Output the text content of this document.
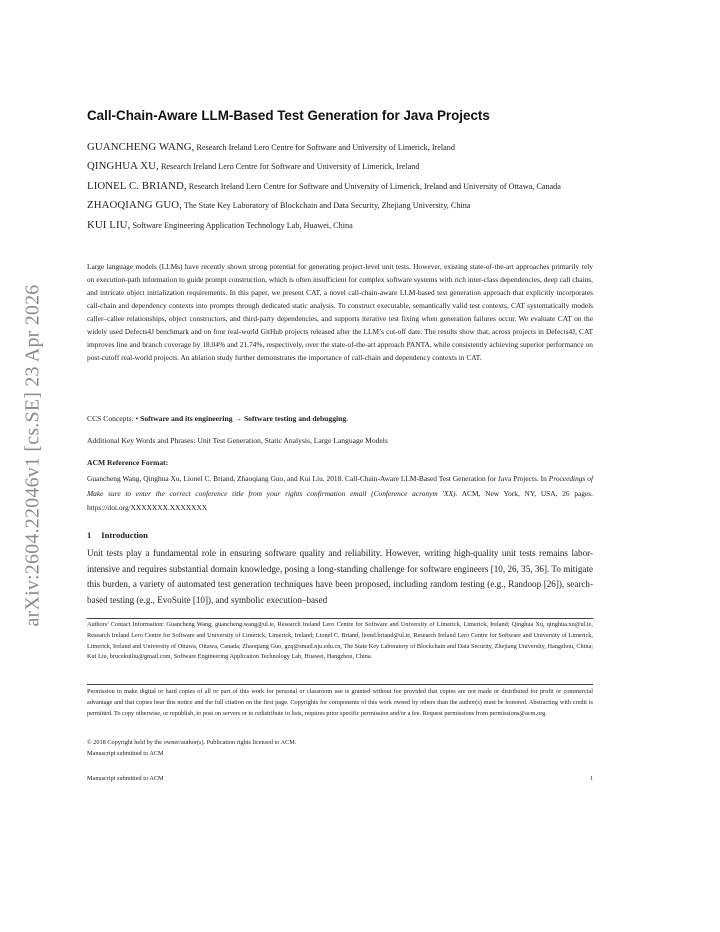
arXiv:2604.22046v1 [cs.SE] 23 Apr 2026
Call-Chain-Aware LLM-Based Test Generation for Java Projects
GUANCHENG WANG, Research Ireland Lero Centre for Software and University of Limerick, Ireland
QINGHUA XU, Research Ireland Lero Centre for Software and University of Limerick, Ireland
LIONEL C. BRIAND, Research Ireland Lero Centre for Software and University of Limerick, Ireland and University of Ottawa, Canada
ZHAOQIANG GUO, The State Key Laboratory of Blockchain and Data Security, Zhejiang University, China
KUI LIU, Software Engineering Application Technology Lab, Huawei, China

Large language models (LLMs) have recently shown strong potential for generating project-level unit tests. However, existing state-of-the-art approaches primarily rely on execution-path information to guide prompt construction, which is often insufficient for complex software systems with rich inter-class dependencies, deep call chains, and intricate object initialization requirements. In this paper, we present CAT, a novel call-chain-aware LLM-based test generation approach that explicitly incorporates call-chain and dependency contexts into prompts through dedicated static analysis. To construct executable, semantically valid test contexts, CAT systematically models caller–callee relationships, object constructors, and third-party dependencies, and supports iterative test fixing when generation failures occur. We evaluate CAT on the widely used Defects4J benchmark and on four real-world GitHub projects released after the LLM’s cut-off date. The results show that, across projects in Defects4J, CAT improves line and branch coverage by 18.04% and 21.74%, respectively, over the state-of-the-art approach PANTA, while consistently achieving superior performance on post-cutoff real-world projects. An ablation study further demonstrates the importance of call-chain and dependency contexts in CAT.

CCS Concepts: • Software and its engineering → Software testing and debugging.
Additional Key Words and Phrases: Unit Test Generation, Static Analysis, Large Language Models
ACM Reference Format:

Guancheng Wang, Qinghua Xu, Lionel C. Briand, Zhaoqiang Guo, and Kui Liu. 2018. Call-Chain-Aware LLM-Based Test Generation for Java Projects. In Proceedings of Make sure to enter the correct conference title from your rights confirmation email (Conference acronym 'XX). ACM, New York, NY, USA, 26 pages. https://doi.org/XXXXXXX.XXXXXXX

1 Introduction

Unit tests play a fundamental role in ensuring software quality and reliability. However, writing high-quality unit tests remains labor-intensive and requires substantial domain knowledge, posing a long-standing challenge for software engineers [10, 26, 35, 36]. To mitigate this burden, a variety of automated test generation techniques have been proposed, including random testing (e.g., Randoop [26]), search-based testing (e.g., EvoSuite [10]), and symbolic execution–based

Authors’ Contact Information: Guancheng Wang, guancheng.wang@ul.ie, Research Ireland Lero Centre for Software and University of Limerick, Limerick, Ireland; Qinghua Xu, qinghua.xu@ul.ie, Research Ireland Lero Centre for Software and University of Limerick, Limerick, Ireland; Lionel C. Briand, lionel.briand@ul.ie, Research Ireland Lero Centre for Software and University of Limerick, Limerick, Ireland and University of Ottawa, Ottawa, Canada; Zhaoqiang Guo, gzq@smail.nju.edu.cn, The State Key Laboratory of Blockchain and Data Security, Zhejiang University, Hangzhou, China; Kui Liu, brucekuiliu@gmail.com, Software Engineering Application Technology Lab, Huawei, Hangzhou, China.

Permission to make digital or hard copies of all or part of this work for personal or classroom use is granted without fee provided that copies are not made or distributed for profit or commercial advantage and that copies bear this notice and the full citation on the first page. Copyrights for components of this work owned by others than the author(s) must be honored. Abstracting with credit is permitted. To copy otherwise, or republish, to post on servers or to redistribute to lists, requires prior specific permission and/or a fee. Request permissions from permissions@acm.org.

© 2018 Copyright held by the owner/author(s). Publication rights licensed to ACM.
Manuscript submitted to ACM
Manuscript submitted to ACM	1
